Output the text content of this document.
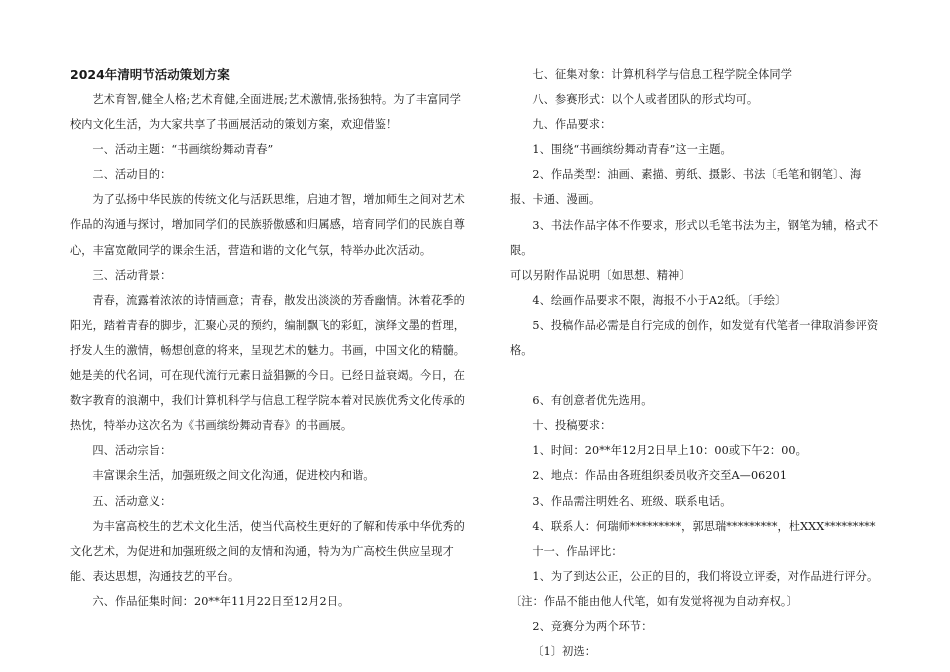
2024年清明节活动策划方案

艺术育智,健全人格;艺术育健,全面进展;艺术激情,张扬独特。为了丰富同学校内文化生活，为大家共享了书画展活动的策划方案，欢迎借鉴！

一、活动主题：“书画缤纷舞动青春”

二、活动目的：

为了弘扬中华民族的传统文化与活跃思维，启迪才智，增加师生之间对艺术作品的沟通与探讨，增加同学们的民族骄傲感和归属感，培育同学们的民族自尊心，丰富宽敞同学的课余生活，营造和谐的文化气氛，特举办此次活动。

三、活动背景：

青春，流露着浓浓的诗情画意；青春，散发出淡淡的芳香幽情。沐着花季的阳光，踏着青春的脚步，汇聚心灵的预约，编制飘飞的彩虹，演绎文墨的哲理，抒发人生的激情，畅想创意的将来，呈现艺术的魅力。书画，中国文化的精髓。她是美的代名词，可在现代流行元素日益猖獗的今日。已经日益衰竭。今日，在数字教育的浪潮中，我们计算机科学与信息工程学院本着对民族优秀文化传承的热忱，特举办这次名为《书画缤纷舞动青春》的书画展。

四、活动宗旨：

丰富课余生活，加强班级之间文化沟通，促进校内和谐。

五、活动意义：

为丰富高校生的艺术文化生活，使当代高校生更好的了解和传承中华优秀的文化艺术，为促进和加强班级之间的友情和沟通，特为为广高校生供应呈现才能、表达思想，沟通技艺的平台。

六、作品征集时间：20**年11月22日至12月2日。

七、征集对象：计算机科学与信息工程学院全体同学

八、参赛形式：以个人或者团队的形式均可。

九、作品要求：

1、围绕“书画缤纷舞动青春”这一主题。

2、作品类型：油画、素描、剪纸、摄影、书法〔毛笔和钢笔〕、海报、卡通、漫画。

3、书法作品字体不作要求，形式以毛笔书法为主，钢笔为辅，格式不限。

可以另附作品说明〔如思想、精神〕

4、绘画作品要求不限，海报不小于A2纸。〔手绘〕

5、投稿作品必需是自行完成的创作，如发觉有代笔者一律取消参评资格。

6、有创意者优先选用。

十、投稿要求：

1、时间：20**年12月2日早上10：00或下午2：00。

2、地点：作品由各班组织委员收齐交至A—06201

3、作品需注明姓名、班级、联系电话。

4、联系人：何瑞师*********，郭思瑞*********，杜XXX*********

十一、作品评比：

1、为了到达公正，公正的目的，我们将设立评委，对作品进行评分。〔注：作品不能由他人代笔，如有发觉将视为自动弃权。〕

2、竞赛分为两个环节：

〔1〕初选：
